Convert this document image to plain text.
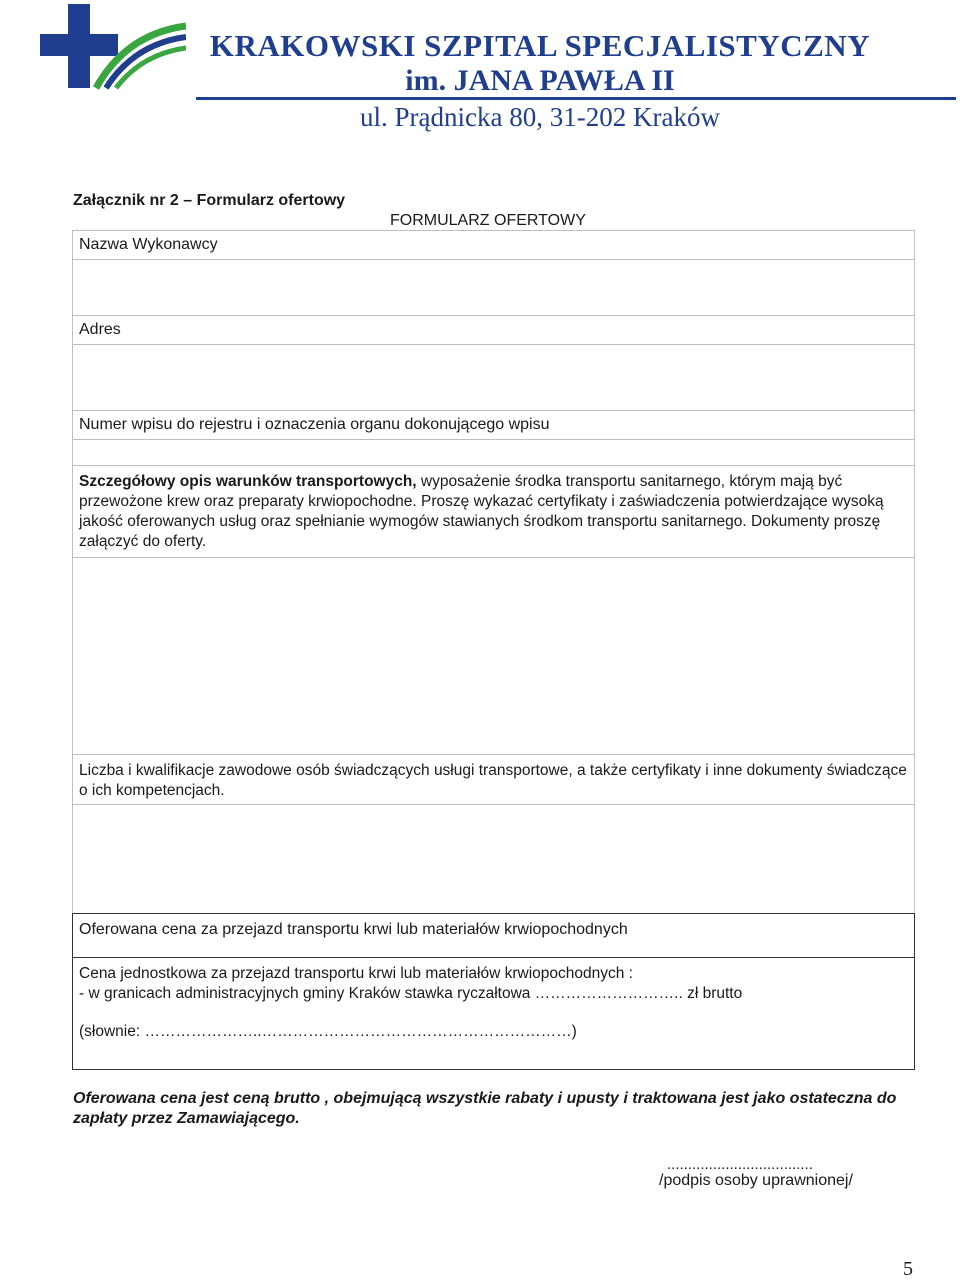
KRAKOWSKI SZPITAL SPECJALISTYCZNY
im. JANA PAWŁA II
ul. Prądnicka 80, 31-202 Kraków
Załącznik nr 2 – Formularz ofertowy
FORMULARZ OFERTOWY
Nazwa Wykonawcy
Adres
Numer wpisu do rejestru i oznaczenia organu dokonującego wpisu
Szczegółowy opis warunków transportowych, wyposażenie środka transportu sanitarnego, którym mają być przewożone krew oraz preparaty krwiopochodne. Proszę wykazać certyfikaty i zaświadczenia potwierdzające wysoką jakość oferowanych usług oraz spełnianie wymogów stawianych środkom transportu sanitarnego. Dokumenty proszę załączyć do oferty.
Liczba i kwalifikacje zawodowe osób świadczących usługi transportowe, a także certyfikaty i inne dokumenty świadczące o ich kompetencjach.
Oferowana cena za przejazd transportu krwi lub materiałów krwiopochodnych
Cena jednostkowa za przejazd transportu krwi lub materiałów krwiopochodnych :
- w granicach administracyjnych gminy Kraków stawka ryczałtowa ……………………….. zł brutto
(słownie: …………………..……………………………………………………)
Oferowana cena jest ceną brutto , obejmującą wszystkie rabaty i upusty i traktowana jest jako ostateczna do zapłaty przez Zamawiającego.
...................................
/podpis osoby uprawnionej/
5
